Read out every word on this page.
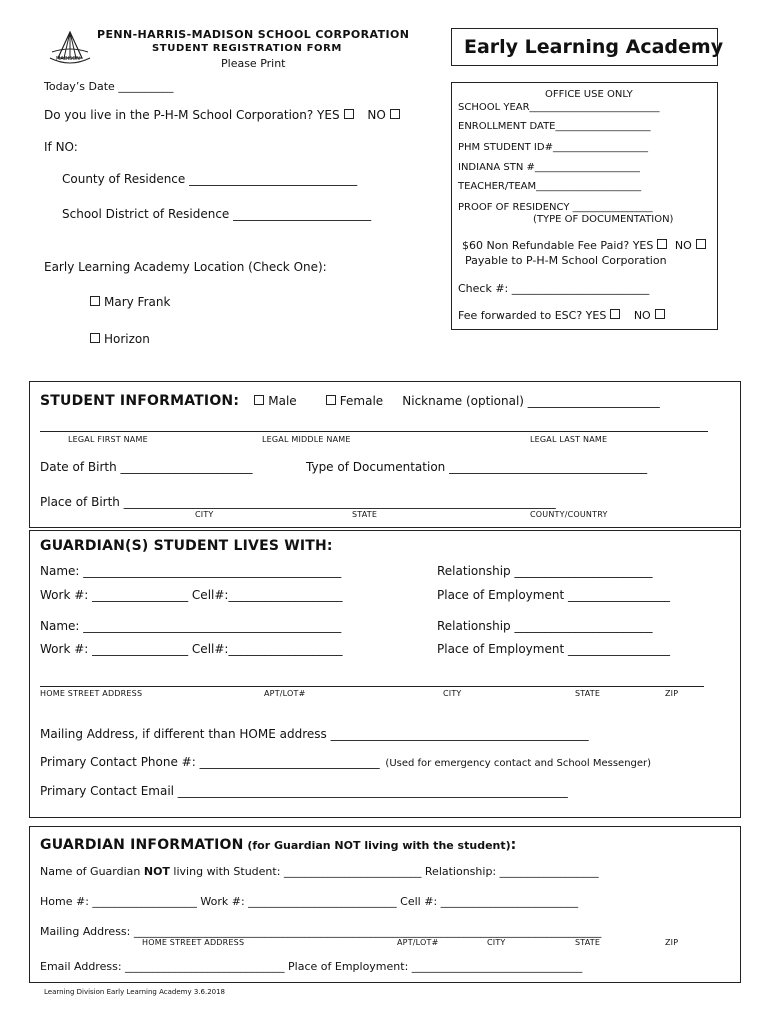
MADISON
PENN-HARRIS-MADISON SCHOOL CORPORATION
STUDENT REGISTRATION FORM
Please Print
Early Learning Academy
Today’s Date __________
Do you live in the P-H-M School Corporation? YES NO
If NO:
County of Residence ____________________________
School District of Residence _______________________
Early Learning Academy Location (Check One):
Mary Frank
Horizon
OFFICE USE ONLY
SCHOOL YEAR__________________________
ENROLLMENT DATE___________________
PHM STUDENT ID#___________________
INDIANA STN #_____________________
TEACHER/TEAM_____________________
PROOF OF RESIDENCY ________________
(TYPE OF DOCUMENTATION)
$60 Non Refundable Fee Paid? YES NO
Payable to P-H-M School Corporation
Check #: _________________________
Fee forwarded to ESC? YES	NO
STUDENT INFORMATION: Male	Female Nickname (optional) ______________________
LEGAL FIRST NAME	LEGAL MIDDLE NAME	LEGAL LAST NAME
Date of Birth ______________________	Type of Documentation _________________________________
Place of Birth ________________________________________________________________________
CITY	STATE	COUNTY/COUNTRY
GUARDIAN(S) STUDENT LIVES WITH:
Name: ___________________________________________	Relationship _______________________
Work #: ________________ Cell#:___________________	Place of Employment _________________
Name: ___________________________________________	Relationship _______________________
Work #: ________________ Cell#:___________________	Place of Employment _________________
HOME STREET ADDRESS	APT/LOT#	CITY	STATE	ZIP
Mailing Address, if different than HOME address ___________________________________________
Primary Contact Phone #: ______________________________ (Used for emergency contact and School Messenger)
Primary Contact Email _________________________________________________________________
GUARDIAN INFORMATION (for Guardian NOT living with the student):
Name of Guardian NOT living with Student: _________________________ Relationship: __________________
Home #: ___________________ Work #: ___________________________ Cell #: _________________________
Mailing Address: _____________________________________________________________________________________
HOME STREET ADDRESS	APT/LOT#	CITY	STATE	ZIP
Email Address: _____________________________ Place of Employment: _______________________________
Learning Division Early Learning Academy 3.6.2018
